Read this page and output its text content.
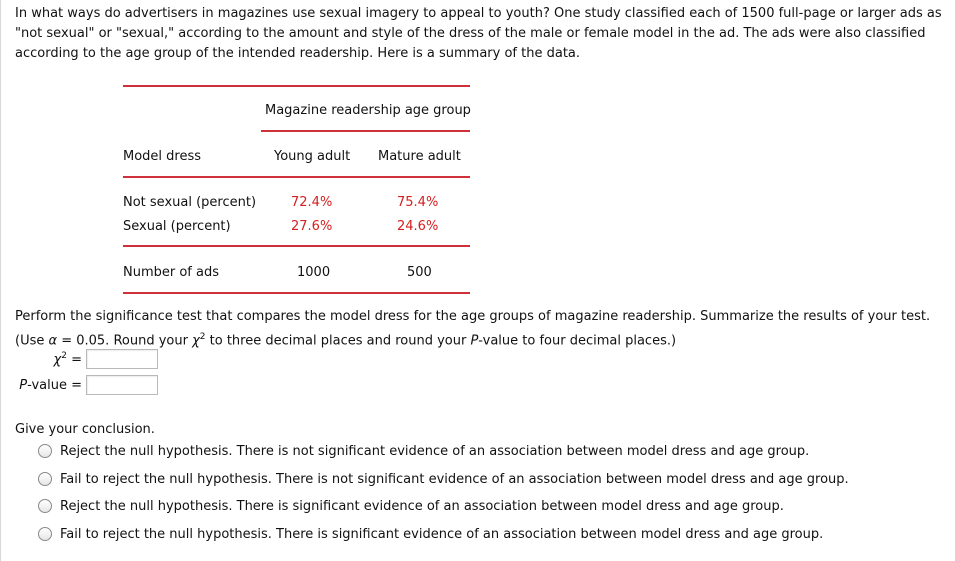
In what ways do advertisers in magazines use sexual imagery to appeal to youth? One study classified each of 1500 full-page or larger ads as "not sexual" or "sexual," according to the amount and style of the dress of the male or female model in the ad. The ads were also classified according to the age group of the intended readership. Here is a summary of the data.
Magazine readership age group
Model dress	Young adult Mature adult
Not sexual (percent)	72.4%	75.4%
Sexual (percent)	27.6%	24.6%
Number of ads	1000	500
Perform the significance test that compares the model dress for the age groups of magazine readership. Summarize the results of your test.
(Use α = 0.05. Round your $\chi^2$ to three decimal places and round your P-value to four decimal places.)
$\chi^2$ =
P-value =
Give your conclusion.
Reject the null hypothesis. There is not significant evidence of an association between model dress and age group.
Fail to reject the null hypothesis. There is not significant evidence of an association between model dress and age group.
Reject the null hypothesis. There is significant evidence of an association between model dress and age group.
Fail to reject the null hypothesis. There is significant evidence of an association between model dress and age group.
